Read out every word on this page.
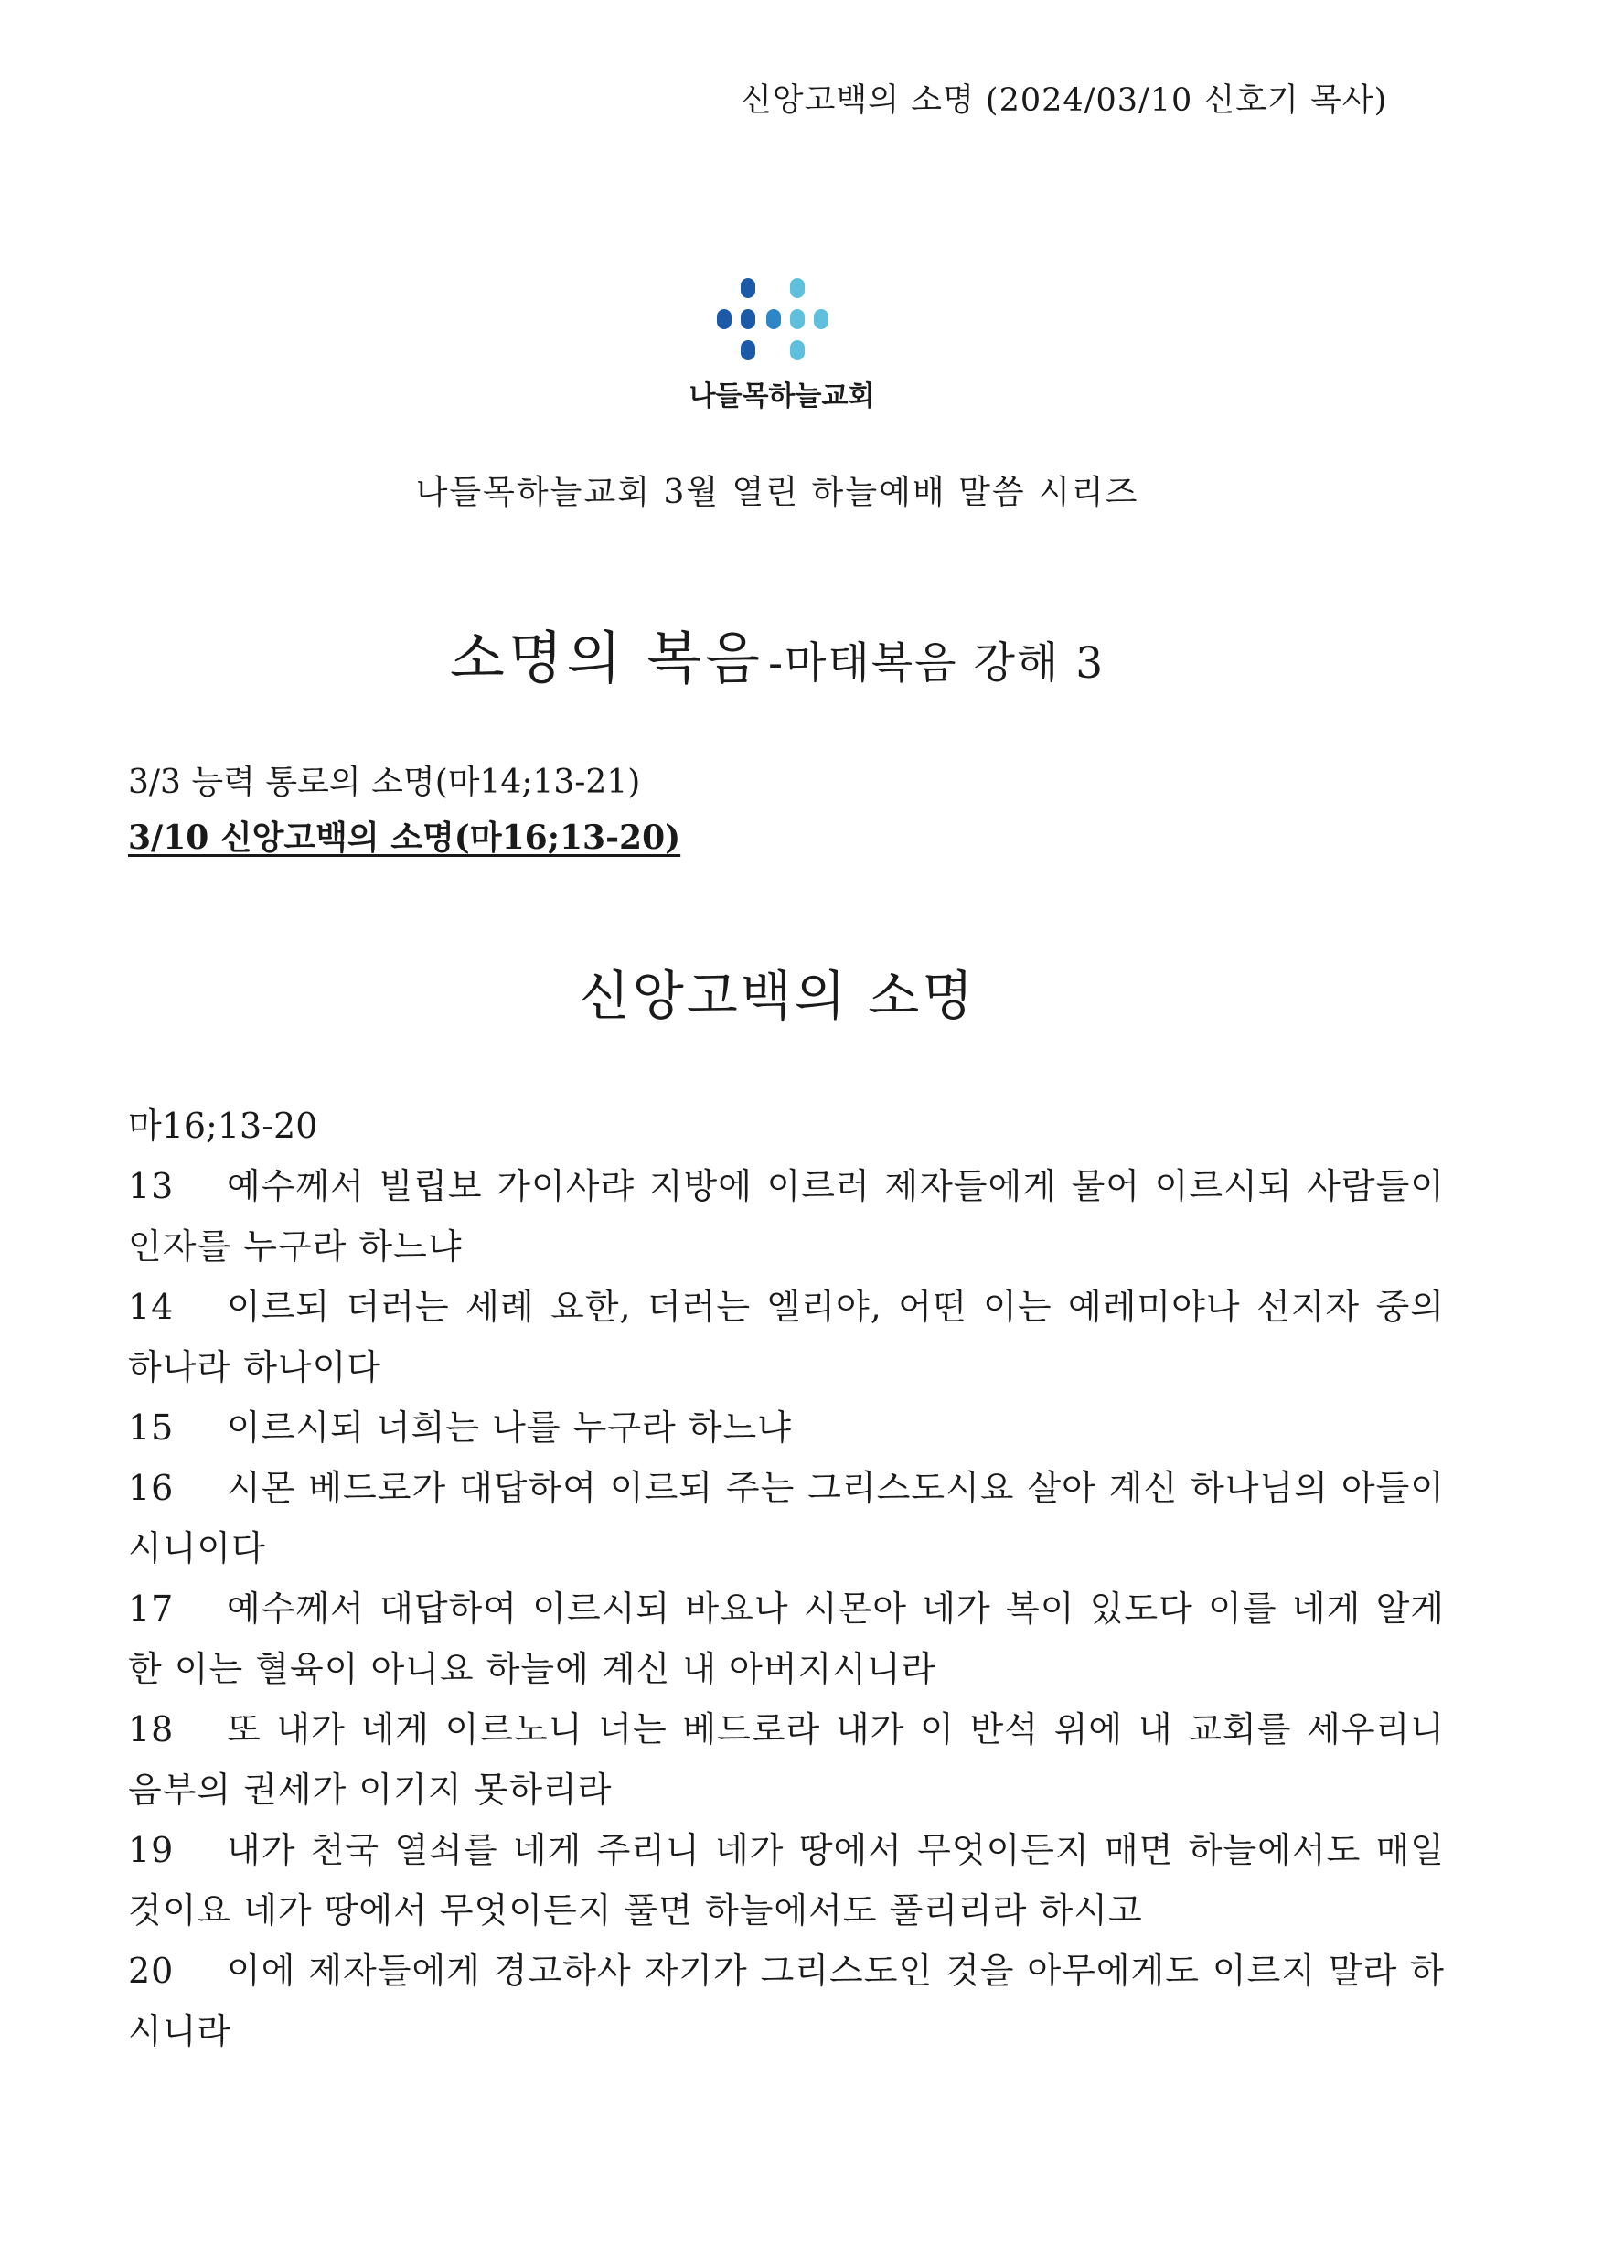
신앙고백의 소명 (2024/03/10 신호기 목사)
나들목하늘교회
나들목하늘교회 3월 열린 하늘예배 말씀 시리즈
소명의 복음 -마태복음 강해 3
3/3 능력 통로의 소명(마14;13-21)
3/10 신앙고백의 소명(마16;13-20)
신앙고백의 소명
마16;13-20
13 예수께서 빌립보 가이사랴 지방에 이르러 제자들에게 물어 이르시되 사람들이 인자를 누구라 하느냐
14 이르되 더러는 세례 요한, 더러는 엘리야, 어떤 이는 예레미야나 선지자 중의 하나라 하나이다
15 이르시되 너희는 나를 누구라 하느냐
16 시몬 베드로가 대답하여 이르되 주는 그리스도시요 살아 계신 하나님의 아들이시니이다
17 예수께서 대답하여 이르시되 바요나 시몬아 네가 복이 있도다 이를 네게 알게 한 이는 혈육이 아니요 하늘에 계신 내 아버지시니라
18 또 내가 네게 이르노니 너는 베드로라 내가 이 반석 위에 내 교회를 세우리니 음부의 권세가 이기지 못하리라
19 내가 천국 열쇠를 네게 주리니 네가 땅에서 무엇이든지 매면 하늘에서도 매일 것이요 네가 땅에서 무엇이든지 풀면 하늘에서도 풀리리라 하시고
20 이에 제자들에게 경고하사 자기가 그리스도인 것을 아무에게도 이르지 말라 하시니라
